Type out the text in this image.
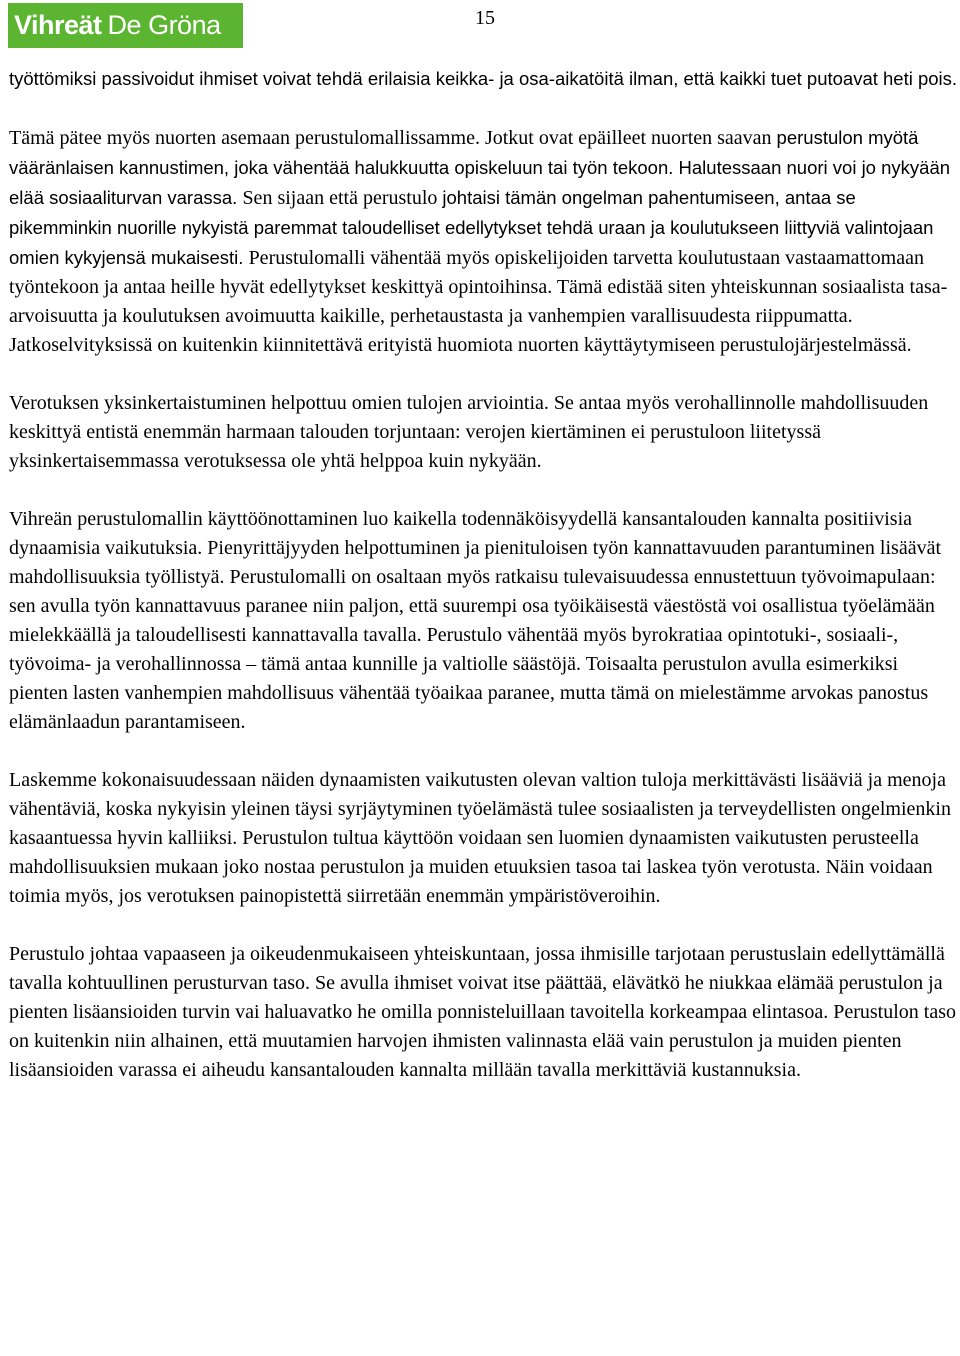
Vihreät De Gröna	15

työttömiksi passivoidut ihmiset voivat tehdä erilaisia keikka- ja osa-aikatöitä ilman, että kaikki tuet putoavat heti pois.

Tämä pätee myös nuorten asemaan perustulomallissamme. Jotkut ovat epäilleet nuorten saavan perustulon myötä vääränlaisen kannustimen, joka vähentää halukkuutta opiskeluun tai työn tekoon. Halutessaan nuori voi jo nykyään elää sosiaaliturvan varassa. Sen sijaan että perustulo johtaisi tämän ongelman pahentumiseen, antaa se pikemminkin nuorille nykyistä paremmat taloudelliset edellytykset tehdä uraan ja koulutukseen liittyviä valintojaan omien kykyjensä mukaisesti. Perustulomalli vähentää myös opiskelijoiden tarvetta koulutustaan vastaamattomaan työntekoon ja antaa heille hyvät edellytykset keskittyä opintoihinsa. Tämä edistää siten yhteiskunnan sosiaalista tasa-arvoisuutta ja koulutuksen avoimuutta kaikille, perhetaustasta ja vanhempien varallisuudesta riippumatta. Jatkoselvityksissä on kuitenkin kiinnitettävä erityistä huomiota nuorten käyttäytymiseen perustulojärjestelmässä.

Verotuksen yksinkertaistuminen helpottuu omien tulojen arviointia. Se antaa myös verohallinnolle mahdollisuuden keskittyä entistä enemmän harmaan talouden torjuntaan: verojen kiertäminen ei perustuloon liitetyssä yksinkertaisemmassa verotuksessa ole yhtä helppoa kuin nykyään.

Vihreän perustulomallin käyttöönottaminen luo kaikella todennäköisyydellä kansantalouden kannalta positiivisia dynaamisia vaikutuksia. Pienyrittäjyyden helpottuminen ja pienituloisen työn kannattavuuden parantuminen lisäävät mahdollisuuksia työllistyä. Perustulomalli on osaltaan myös ratkaisu tulevaisuudessa ennustettuun työvoimapulaan: sen avulla työn kannattavuus paranee niin paljon, että suurempi osa työikäisestä väestöstä voi osallistua työelämään mielekkäällä ja taloudellisesti kannattavalla tavalla. Perustulo vähentää myös byrokratiaa opintotuki-, sosiaali-, työvoima- ja verohallinnossa – tämä antaa kunnille ja valtiolle säästöjä. Toisaalta perustulon avulla esimerkiksi pienten lasten vanhempien mahdollisuus vähentää työaikaa paranee, mutta tämä on mielestämme arvokas panostus elämänlaadun parantamiseen.

Laskemme kokonaisuudessaan näiden dynaamisten vaikutusten olevan valtion tuloja merkittävästi lisääviä ja menoja vähentäviä, koska nykyisin yleinen täysi syrjäytyminen työelämästä tulee sosiaalisten ja terveydellisten ongelmienkin kasaantuessa hyvin kalliiksi. Perustulon tultua käyttöön voidaan sen luomien dynaamisten vaikutusten perusteella mahdollisuuksien mukaan joko nostaa perustulon ja muiden etuuksien tasoa tai laskea työn verotusta. Näin voidaan toimia myös, jos verotuksen painopistettä siirretään enemmän ympäristöveroihin.

Perustulo johtaa vapaaseen ja oikeudenmukaiseen yhteiskuntaan, jossa ihmisille tarjotaan perustuslain edellyttämällä tavalla kohtuullinen perusturvan taso. Se avulla ihmiset voivat itse päättää, elävätkö he niukkaa elämää perustulon ja pienten lisäansioiden turvin vai haluavatko he omilla ponnisteluillaan tavoitella korkeampaa elintasoa. Perustulon taso on kuitenkin niin alhainen, että muutamien harvojen ihmisten valinnasta elää vain perustulon ja muiden pienten lisäansioiden varassa ei aiheudu kansantalouden kannalta millään tavalla merkittäviä kustannuksia.
